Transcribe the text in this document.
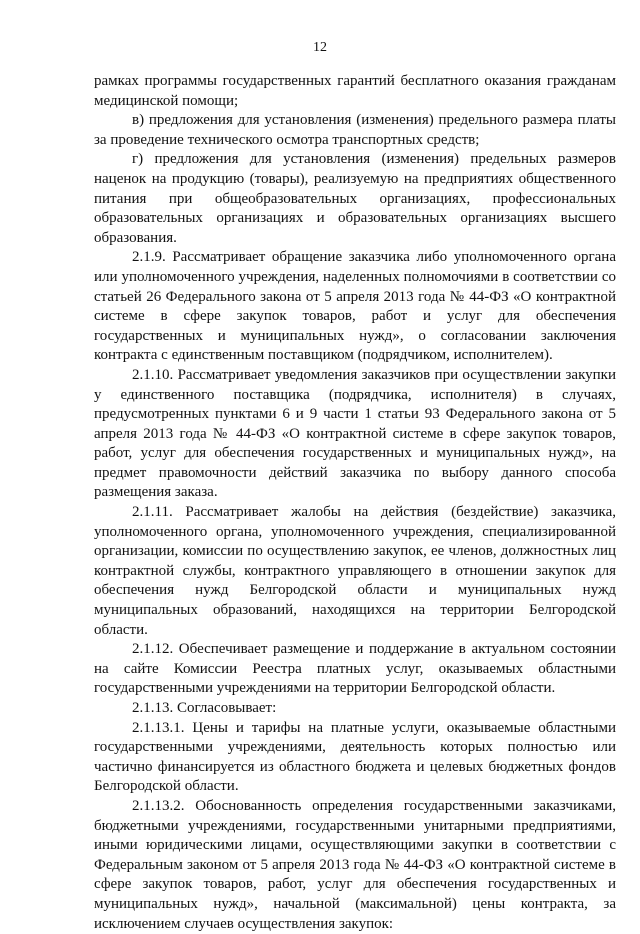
12

рамках программы государственных гарантий бесплатного оказания гражданам медицинской помощи;

в) предложения для установления (изменения) предельного размера платы за проведение технического осмотра транспортных средств;

г) предложения для установления (изменения) предельных размеров наценок на продукцию (товары), реализуемую на предприятиях общественного питания при общеобразовательных организациях, профессиональных образовательных организациях и образовательных организациях высшего образования.

2.1.9. Рассматривает обращение заказчика либо уполномоченного органа или уполномоченного учреждения, наделенных полномочиями в соответствии со статьей 26 Федерального закона от 5 апреля 2013 года № 44-ФЗ «О контрактной системе в сфере закупок товаров, работ и услуг для обеспечения государственных и муниципальных нужд», о согласовании заключения контракта с единственным поставщиком (подрядчиком, исполнителем).

2.1.10. Рассматривает уведомления заказчиков при осуществлении закупки у единственного поставщика (подрядчика, исполнителя) в случаях, предусмотренных пунктами 6 и 9 части 1 статьи 93 Федерального закона от 5 апреля 2013 года № 44-ФЗ «О контрактной системе в сфере закупок товаров, работ, услуг для обеспечения государственных и муниципальных нужд», на предмет правомочности действий заказчика по выбору данного способа размещения заказа.

2.1.11. Рассматривает жалобы на действия (бездействие) заказчика, уполномоченного органа, уполномоченного учреждения, специализированной организации, комиссии по осуществлению закупок, ее членов, должностных лиц контрактной службы, контрактного управляющего в отношении закупок для обеспечения нужд Белгородской области и муниципальных нужд муниципальных образований, находящихся на территории Белгородской области.

2.1.12. Обеспечивает размещение и поддержание в актуальном состоянии на сайте Комиссии Реестра платных услуг, оказываемых областными государственными учреждениями на территории Белгородской области.

2.1.13. Согласовывает:

2.1.13.1. Цены и тарифы на платные услуги, оказываемые областными государственными учреждениями, деятельность которых полностью или частично финансируется из областного бюджета и целевых бюджетных фондов Белгородской области.

2.1.13.2. Обоснованность определения государственными заказчиками, бюджетными учреждениями, государственными унитарными предприятиями, иными юридическими лицами, осуществляющими закупки в соответствии с Федеральным законом от 5 апреля 2013 года № 44-ФЗ «О контрактной системе в сфере закупок товаров, работ, услуг для обеспечения государственных и муниципальных нужд», начальной (максимальной) цены контракта, за исключением случаев осуществления закупок:
